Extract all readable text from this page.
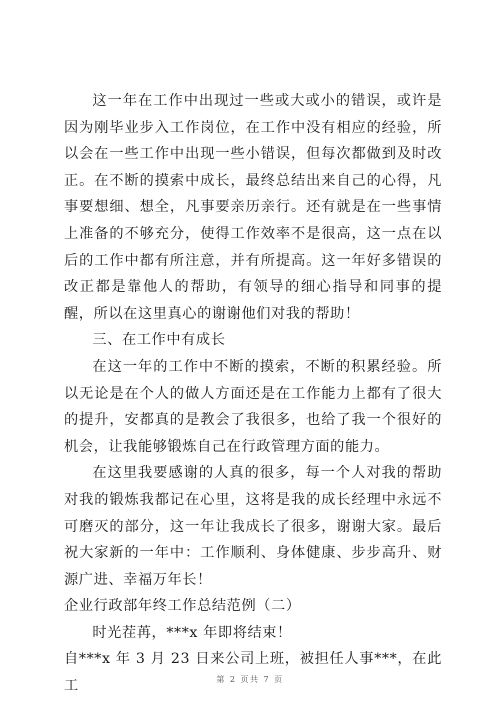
这一年在工作中出现过一些或大或小的错误，或许是因为刚毕业步入工作岗位，在工作中没有相应的经验，所以会在一些工作中出现一些小错误，但每次都做到及时改正。在不断的摸索中成长，最终总结出来自己的心得，凡事要想细、想全，凡事要亲历亲行。还有就是在一些事情上准备的不够充分，使得工作效率不是很高，这一点在以后的工作中都有所注意，并有所提高。这一年好多错误的改正都是靠他人的帮助，有领导的细心指导和同事的提醒，所以在这里真心的谢谢他们对我的帮助！

三、在工作中有成长

在这一年的工作中不断的摸索，不断的积累经验。所以无论是在个人的做人方面还是在工作能力上都有了很大的提升，安都真的是教会了我很多，也给了我一个很好的机会，让我能够锻炼自己在行政管理方面的能力。

在这里我要感谢的人真的很多，每一个人对我的帮助对我的锻炼我都记在心里，这将是我的成长经理中永远不可磨灭的部分，这一年让我成长了很多，谢谢大家。最后祝大家新的一年中：工作顺利、身体健康、步步高升、财源广进、幸福万年长！

企业行政部年终工作总结范例（二）

时光茬苒，***x 年即将结束！

自***x 年 3 月 23 日来公司上班，被担任人事***，在此工	第 2 页共 7 页
